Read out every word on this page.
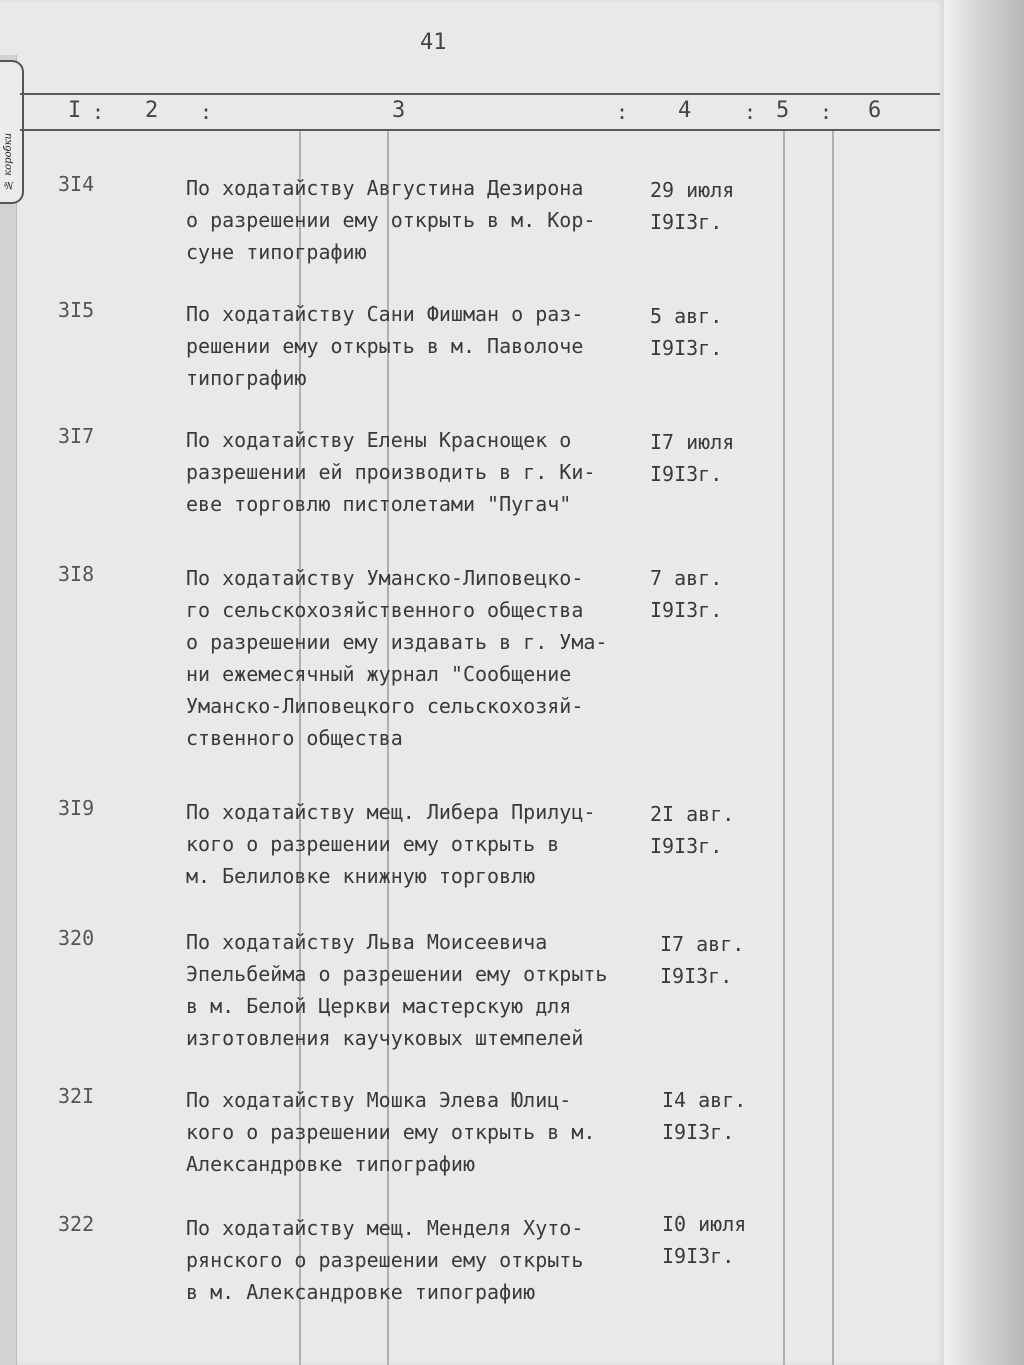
№ коробки
41
I : 2 :	3	: 4	: 5 : 6
3I4	По ходатайству Августина Дезирона
о разрешении ему открыть в м. Кор-
суне типографию
29 июля
I9I3г.
3I5	По ходатайству Сани Фишман о раз-
решении ему открыть в м. Паволоче
типографию
5 авг.
I9I3г.
3I7	По ходатайству Елены Краснощек о
разрешении ей производить в г. Ки-
еве торговлю пистолетами "Пугач"
I7 июля
I9I3г.
3I8	По ходатайству Уманско-Липовецко-
го сельскохозяйственного общества
о разрешении ему издавать в г. Ума-
ни ежемесячный журнал "Сообщение
Уманско-Липовецкого сельскохозяй-
ственного общества
7 авг.
I9I3г.
3I9	По ходатайству мещ. Либера Прилуц-
кого о разрешении ему открыть в
м. Белиловке книжную торговлю
2I авг.
I9I3г.
320	По ходатайству Льва Моисеевича
Эпельбейма о разрешении ему открыть
в м. Белой Церкви мастерскую для
изготовления каучуковых штемпелей
I7 авг.
I9I3г.
32I	По ходатайству Мошка Элева Юлиц-
кого о разрешении ему открыть в м.
Александровке типографию
I4 авг.
I9I3г.
322	По ходатайству мещ. Менделя Хуто-
рянского о разрешении ему открыть
в м. Александровке типографию
I0 июля
I9I3г.
